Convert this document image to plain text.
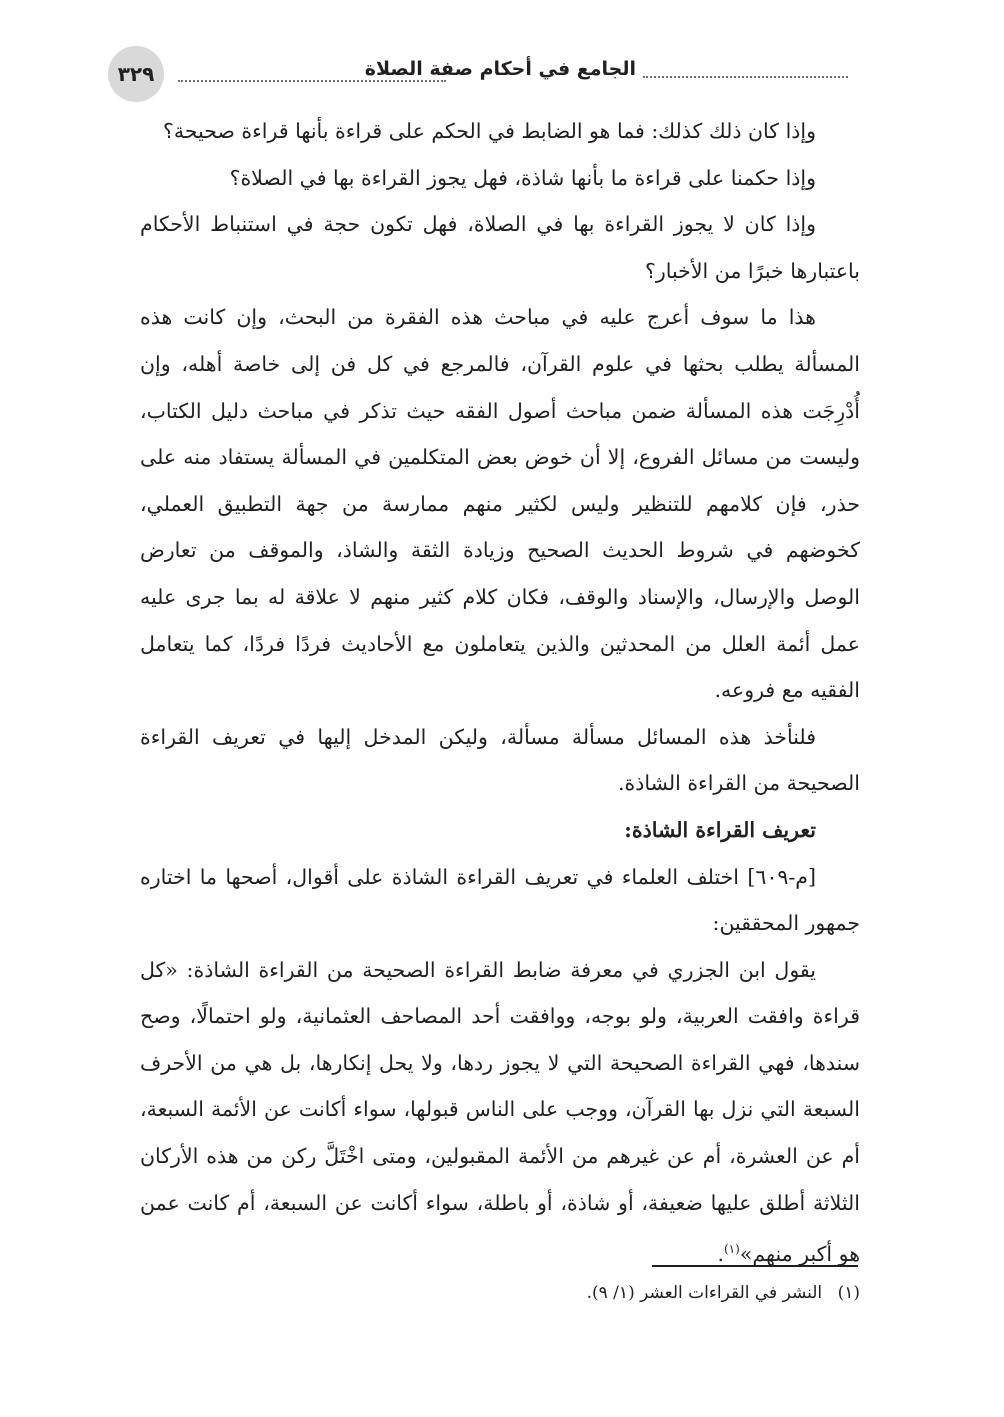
٣٢٩	الجامع في أحكام صفة الصلاة

وإذا كان ذلك كذلك: فما هو الضابط في الحكم على قراءة بأنها قراءة صحيحة؟

وإذا حكمنا على قراءة ما بأنها شاذة، فهل يجوز القراءة بها في الصلاة؟

وإذا كان لا يجوز القراءة بها في الصلاة، فهل تكون حجة في استنباط الأحكام باعتبارها خبرًا من الأخبار؟

هذا ما سوف أعرج عليه في مباحث هذه الفقرة من البحث، وإن كانت هذه المسألة يطلب بحثها في علوم القرآن، فالمرجع في كل فن إلى خاصة أهله، وإن أُدْرِجَت هذه المسألة ضمن مباحث أصول الفقه حيث تذكر في مباحث دليل الكتاب، وليست من مسائل الفروع، إلا أن خوض بعض المتكلمين في المسألة يستفاد منه على حذر، فإن كلامهم للتنظير وليس لكثير منهم ممارسة من جهة التطبيق العملي، كخوضهم في شروط الحديث الصحيح وزيادة الثقة والشاذ، والموقف من تعارض الوصل والإرسال، والإسناد والوقف، فكان كلام كثير منهم لا علاقة له بما جرى عليه عمل أئمة العلل من المحدثين والذين يتعاملون مع الأحاديث فردًا فردًا، كما يتعامل الفقيه مع فروعه.

فلنأخذ هذه المسائل مسألة مسألة، وليكن المدخل إليها في تعريف القراءة الصحيحة من القراءة الشاذة.

تعريف القراءة الشاذة:

[م-٦٠٩] اختلف العلماء في تعريف القراءة الشاذة على أقوال، أصحها ما اختاره جمهور المحققين:

يقول ابن الجزري في معرفة ضابط القراءة الصحيحة من القراءة الشاذة: «كل قراءة وافقت العربية، ولو بوجه، ووافقت أحد المصاحف العثمانية، ولو احتمالًا، وصح سندها، فهي القراءة الصحيحة التي لا يجوز ردها، ولا يحل إنكارها، بل هي من الأحرف السبعة التي نزل بها القرآن، ووجب على الناس قبولها، سواء أكانت عن الأئمة السبعة، أم عن العشرة، أم عن غيرهم من الأئمة المقبولين، ومتى اخْتَلَّ ركن من هذه الأركان الثلاثة أطلق عليها ضعيفة، أو شاذة، أو باطلة، سواء أكانت عن السبعة، أم كانت عمن هو أكبر منهم»$^{(١)}$.

(١) النشر في القراءات العشر (١/ ٩).
